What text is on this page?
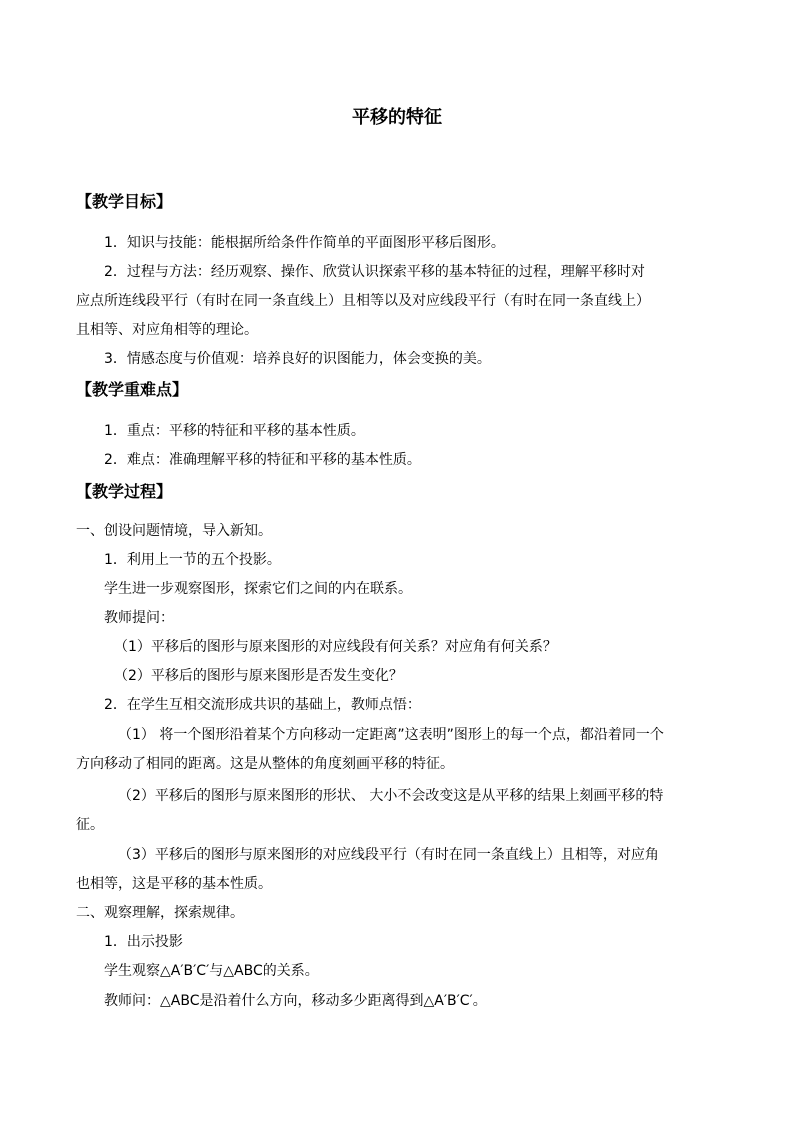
平移的特征
【教学目标】
1．知识与技能：能根据所给条件作简单的平面图形平移后图形。
2．过程与方法：经历观察、操作、欣赏认识探索平移的基本特征的过程，理解平移时对
应点所连线段平行（有时在同一条直线上）且相等以及对应线段平行（有时在同一条直线上）
且相等、对应角相等的理论。
3．情感态度与价值观：培养良好的识图能力，体会变换的美。
【教学重难点】
1．重点：平移的特征和平移的基本性质。
2．难点：准确理解平移的特征和平移的基本性质。
【教学过程】
一、创设问题情境，导入新知。
1．利用上一节的五个投影。
学生进一步观察图形，探索它们之间的内在联系。
教师提问：
（1）平移后的图形与原来图形的对应线段有何关系？对应角有何关系？
（2）平移后的图形与原来图形是否发生变化？
2．在学生互相交流形成共识的基础上，教师点悟：
（1） 将一个图形沿着某个方向移动一定距离”这表明”图形上的每一个点，都沿着同一个
方向移动了相同的距离。这是从整体的角度刻画平移的特征。
（2）平移后的图形与原来图形的形状、 大小不会改变这是从平移的结果上刻画平移的特
征。
（3）平移后的图形与原来图形的对应线段平行（有时在同一条直线上）且相等，对应角
也相等，这是平移的基本性质。
二、观察理解，探索规律。
1．出示投影
学生观察△A′B′C′与△ABC的关系。
教师问：△ABC是沿着什么方向，移动多少距离得到△A′B′C′。
